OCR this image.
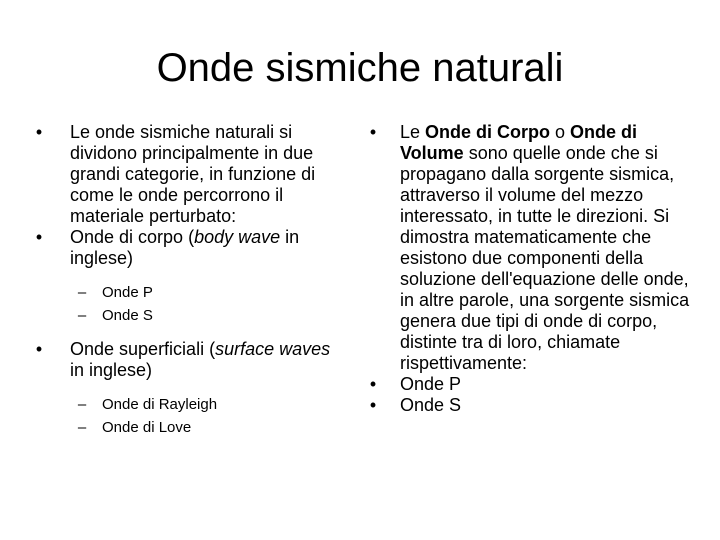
Onde sismiche naturali
• Le onde sismiche naturali si dividono principalmente in due grandi categorie, in funzione di come le onde percorrono il materiale perturbato:
• Onde di corpo (body wave in inglese)
–	Onde P
–	Onde S
• Onde superficiali (surface waves in inglese)
–	Onde di Rayleigh
–	Onde di Love
• Le Onde di Corpo o Onde di Volume sono quelle onde che si propagano dalla sorgente sismica, attraverso il volume del mezzo interessato, in tutte le direzioni. Si dimostra matematicamente che esistono due componenti della soluzione dell'equazione delle onde, in altre parole, una sorgente sismica genera due tipi di onde di corpo, distinte tra di loro, chiamate rispettivamente:
• Onde P
• Onde S
